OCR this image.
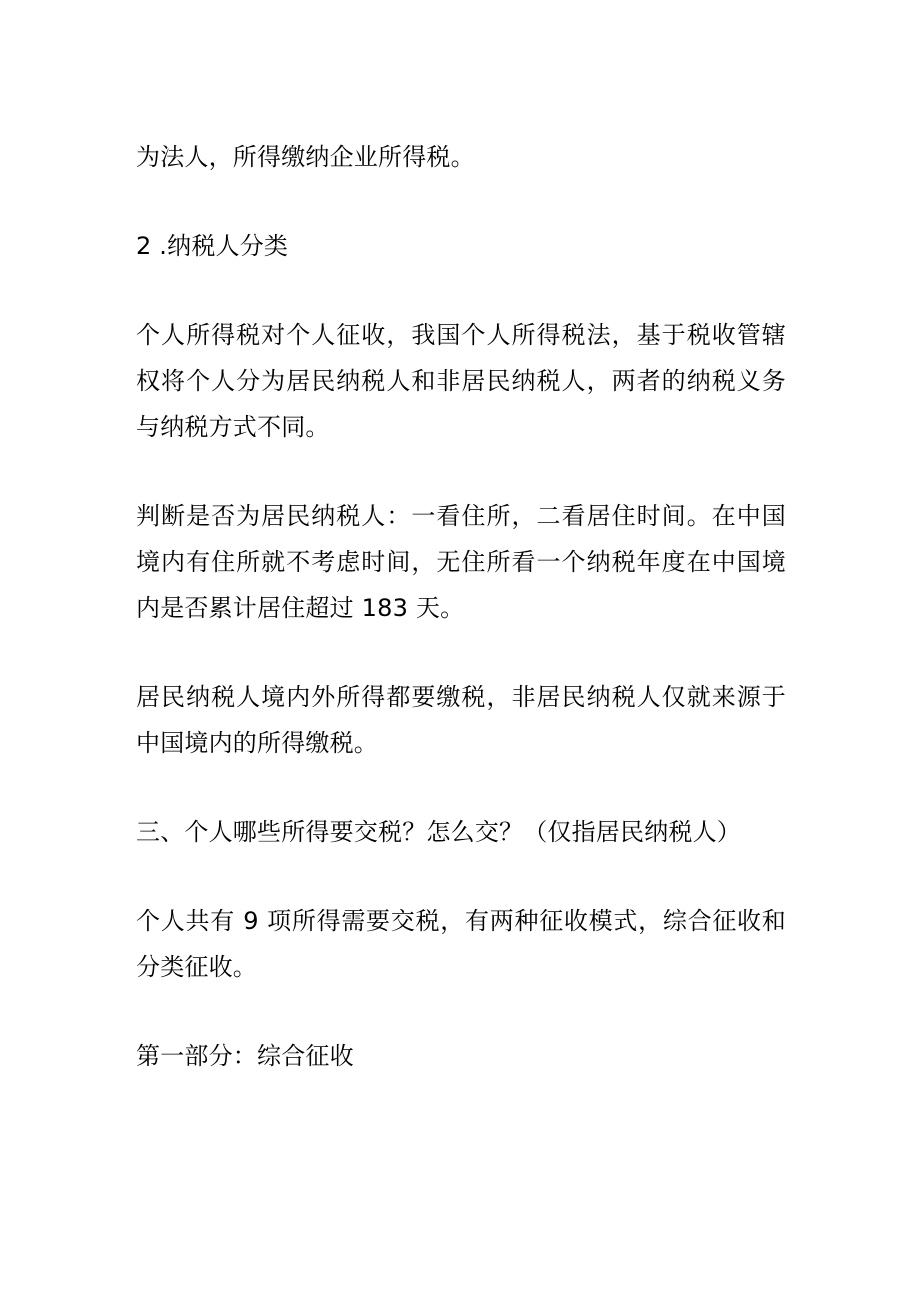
为法人，所得缴纳企业所得税。

2 .纳税人分类

个人所得税对个人征收，我国个人所得税法，基于税收管辖权将个人分为居民纳税人和非居民纳税人，两者的纳税义务与纳税方式不同。

判断是否为居民纳税人：一看住所，二看居住时间。在中国境内有住所就不考虑时间，无住所看一个纳税年度在中国境内是否累计居住超过 183 天。

居民纳税人境内外所得都要缴税，非居民纳税人仅就来源于中国境内的所得缴税。

三、个人哪些所得要交税？怎么交？（仅指居民纳税人）

个人共有 9 项所得需要交税，有两种征收模式，综合征收和分类征收。

第一部分：综合征收
